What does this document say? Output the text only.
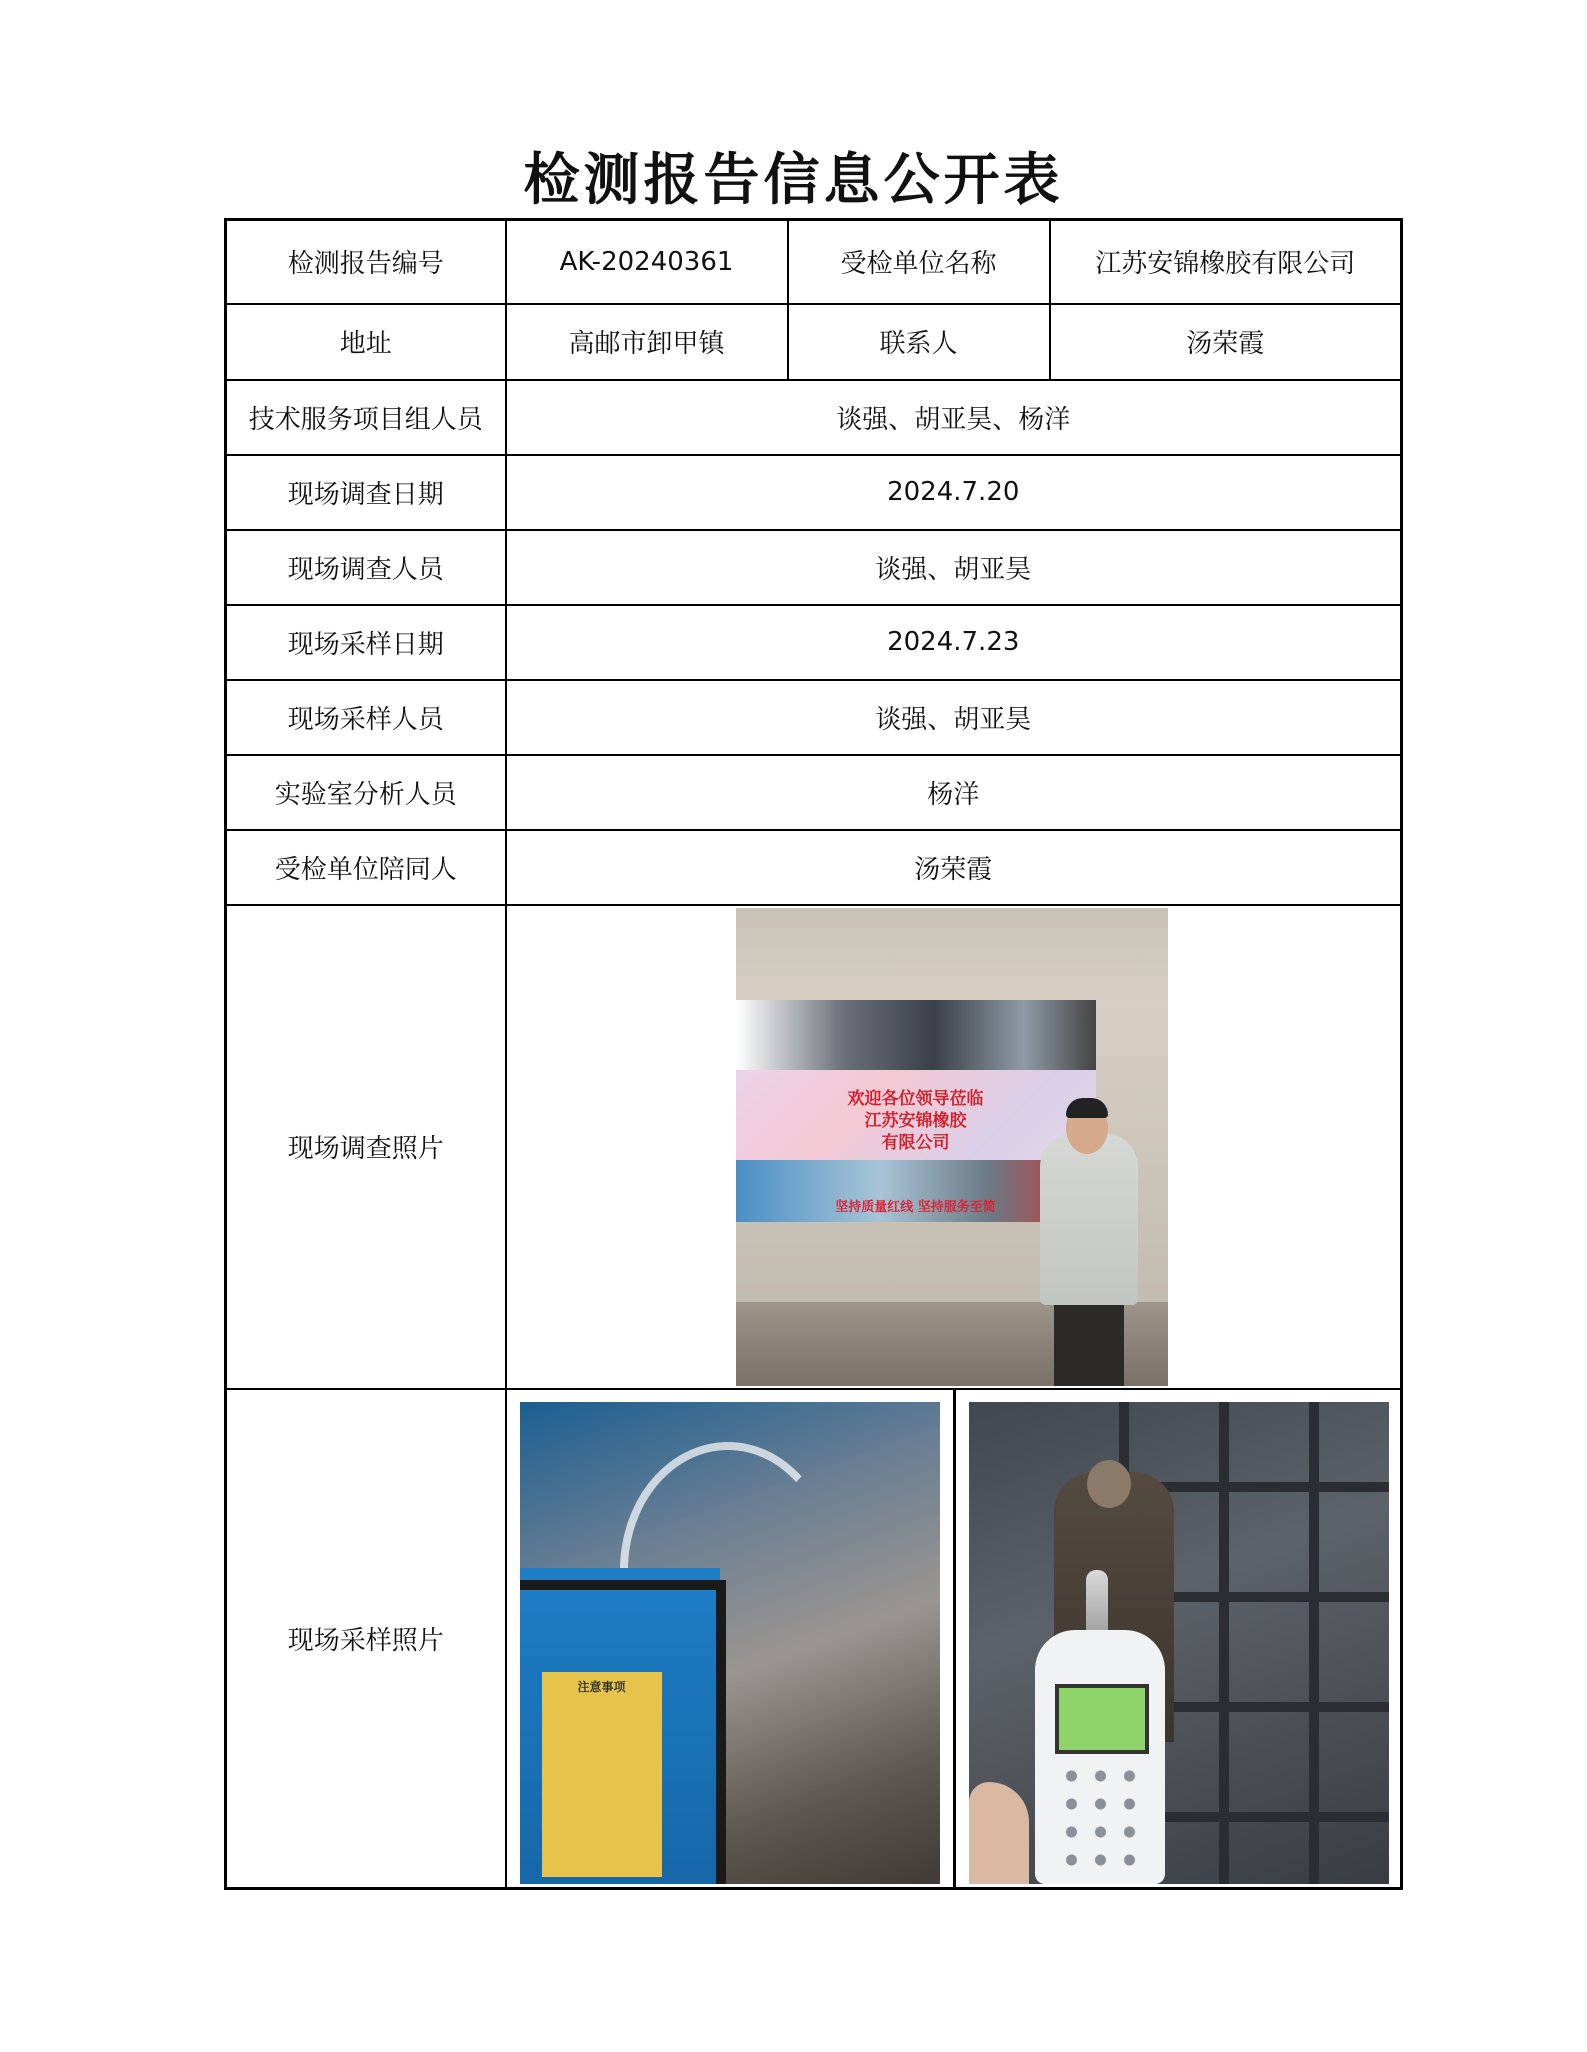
检测报告信息公开表
检测报告编号	AK-20240361	受检单位名称	江苏安锦橡胶有限公司
地址	高邮市卸甲镇	联系人	汤荣霞
技术服务项目组人员	谈强、胡亚昊、杨洋		
现场调查日期	2024.7.20		
现场调查人员	谈强、胡亚昊		
现场采样日期	2024.7.23		
现场采样人员	谈强、胡亚昊		
实验室分析人员	杨洋		
受检单位陪同人	汤荣霞		
现场调查照片	欢迎各位领导莅临
江苏安锦橡胶
有限公司
坚持质量红线 坚持服务至简		

现场采样照片	注意事项		
